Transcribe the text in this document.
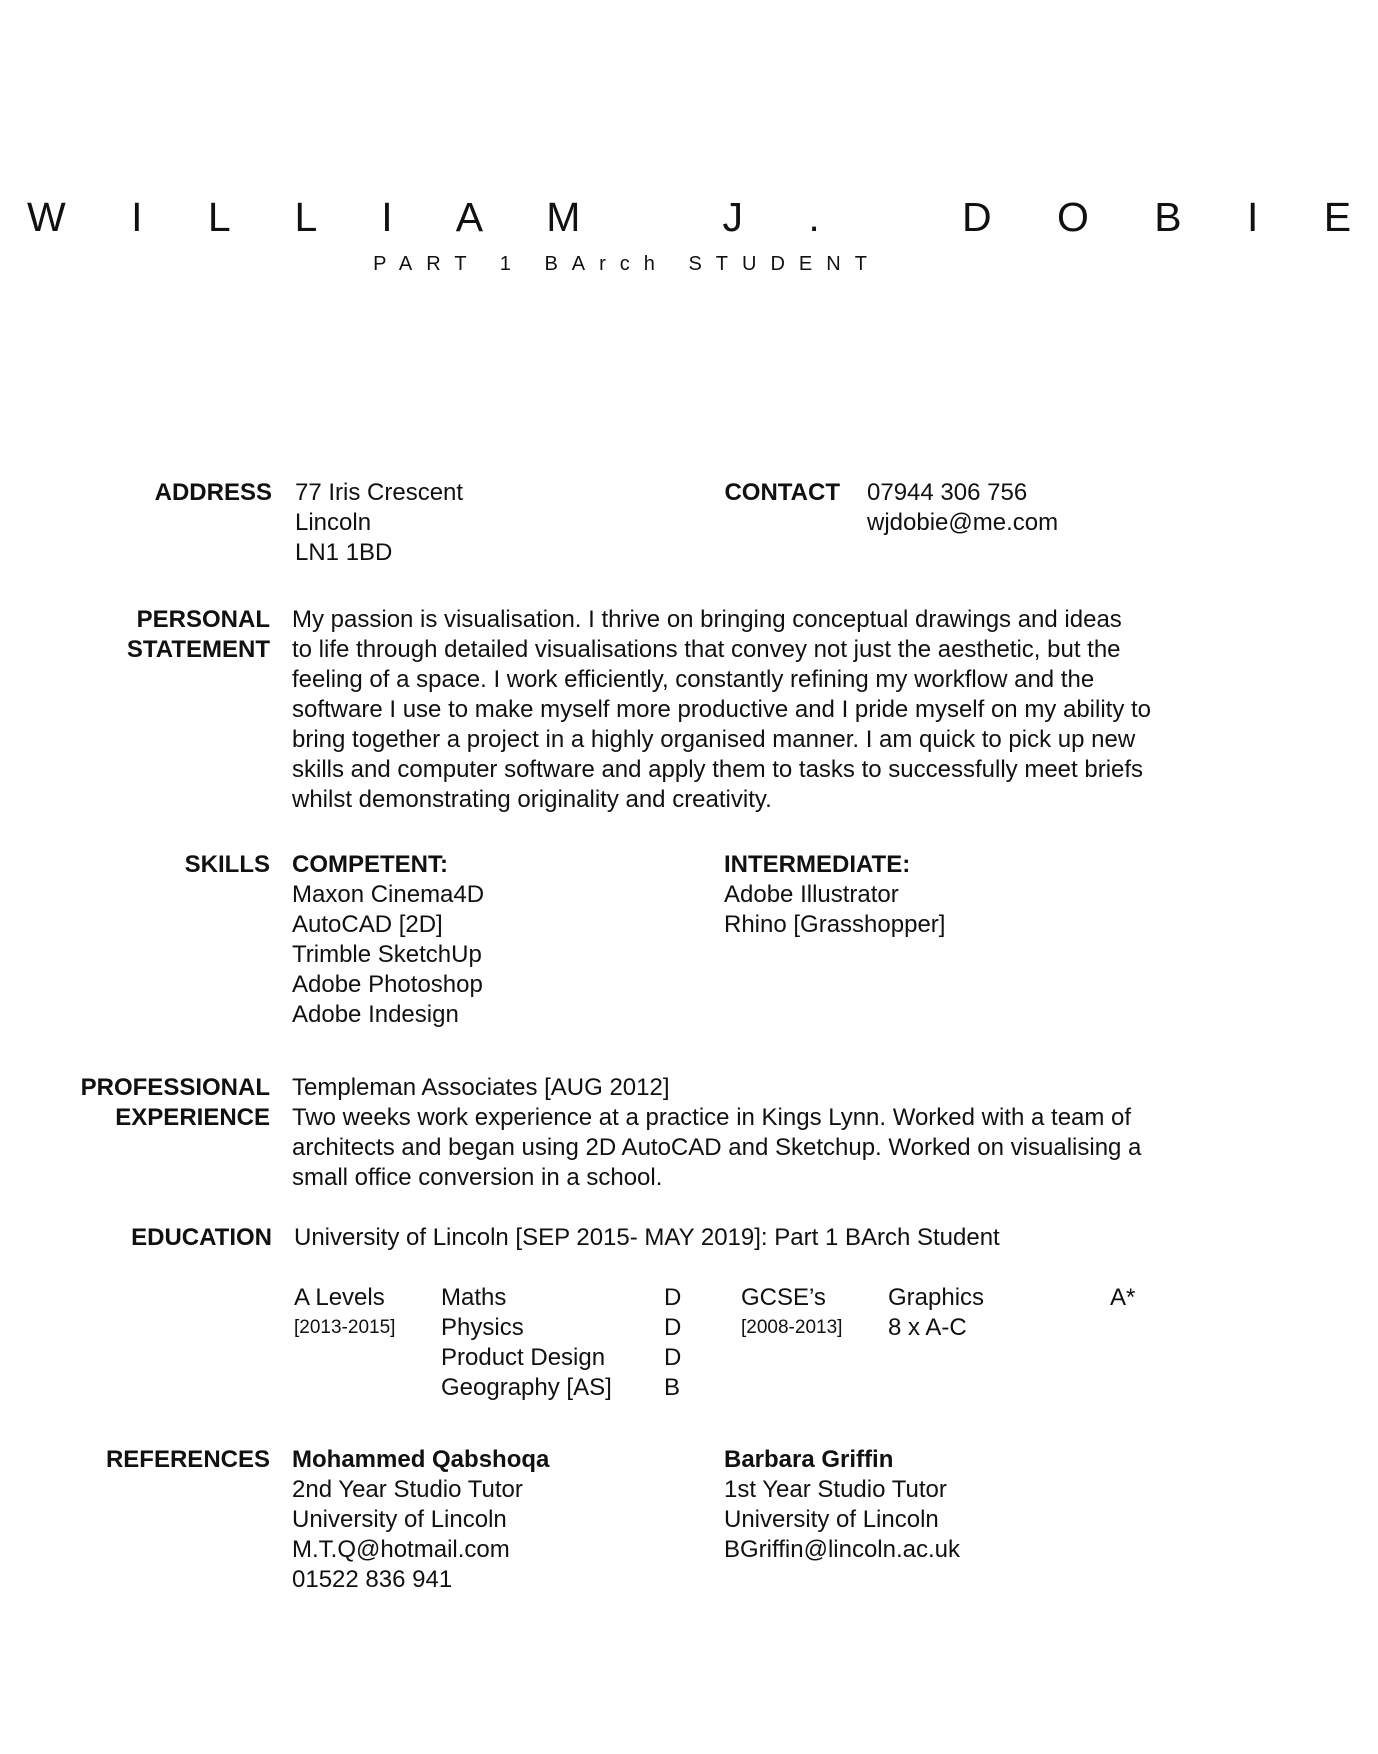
W I L L I A M   J .   D O B I E
PART 1 BArch STUDENT
ADDRESS 77 Iris Crescent
Lincoln
LN1 1BD
CONTACT 07944 306 756
wjdobie@me.com
PERSONAL
STATEMENT
My passion is visualisation. I thrive on bringing conceptual drawings and ideas
to life through detailed visualisations that convey not just the aesthetic, but the
feeling of a space. I work efficiently, constantly refining my workflow and the
software I use to make myself more productive and I pride myself on my ability to
bring together a project in a highly organised manner. I am quick to pick up new
skills and computer software and apply them to tasks to successfully meet briefs
whilst demonstrating originality and creativity.
SKILLS COMPETENT:
Maxon Cinema4D
AutoCAD [2D]
Trimble SketchUp
Adobe Photoshop
Adobe Indesign
INTERMEDIATE:
Adobe Illustrator
Rhino [Grasshopper]
PROFESSIONAL
EXPERIENCE
Templeman Associates [AUG 2012]
Two weeks work experience at a practice in Kings Lynn. Worked with a team of
architects and began using 2D AutoCAD and Sketchup. Worked on visualising a
small office conversion in a school.
EDUCATION University of Lincoln [SEP 2015- MAY 2019]: Part 1 BArch Student
A Levels
[2013-2015]
Maths
Physics
Product Design
Geography [AS]
D
D
D
B
GCSE’s
[2008-2013]
Graphics
8 x A-C
A*
REFERENCES Mohammed Qabshoqa
2nd Year Studio Tutor
University of Lincoln
M.T.Q@hotmail.com
01522 836 941
Barbara Griffin
1st Year Studio Tutor
University of Lincoln
BGriffin@lincoln.ac.uk
